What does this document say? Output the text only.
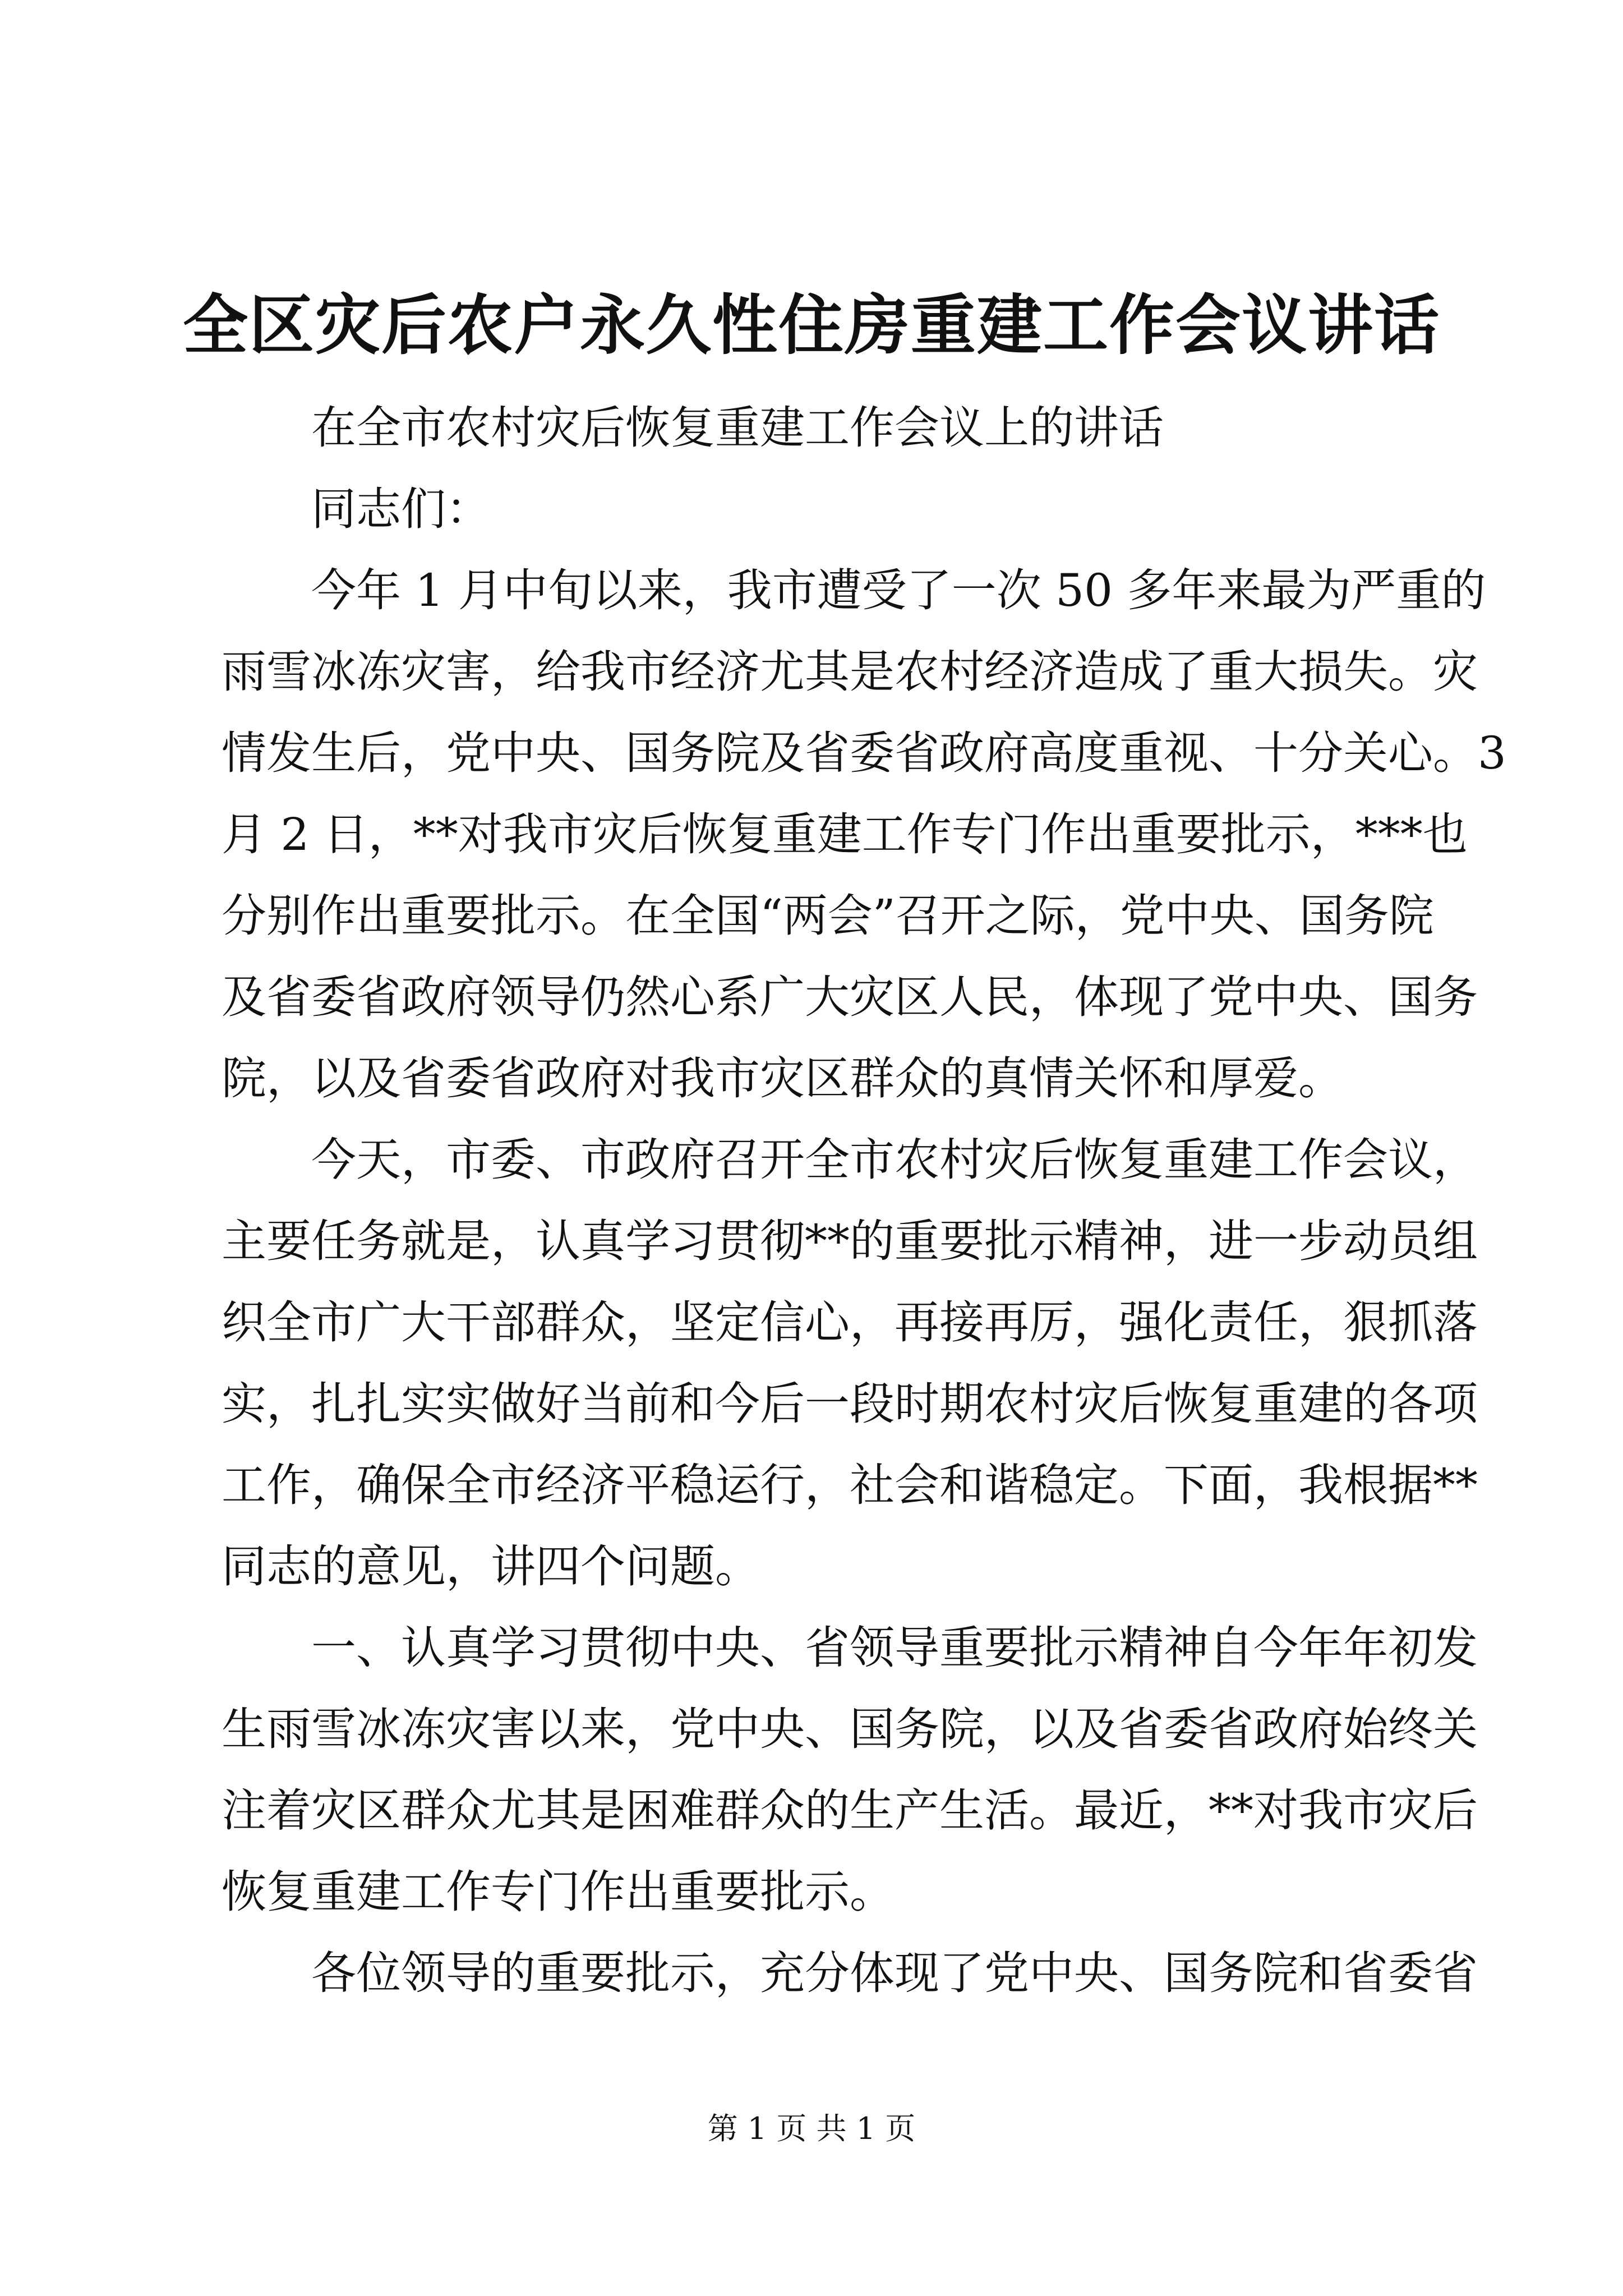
全区灾后农户永久性住房重建工作会议讲话
在全市农村灾后恢复重建工作会议上的讲话
同志们：
今年 1 月中旬以来，我市遭受了一次 50 多年来最为严重的
雨雪冰冻灾害，给我市经济尤其是农村经济造成了重大损失。灾
情发生后，党中央、国务院及省委省政府高度重视、十分关心。3
月 2 日，**对我市灾后恢复重建工作专门作出重要批示，***也
分别作出重要批示。在全国“两会”召开之际，党中央、国务院
及省委省政府领导仍然心系广大灾区人民，体现了党中央、国务
院，以及省委省政府对我市灾区群众的真情关怀和厚爱。
今天，市委、市政府召开全市农村灾后恢复重建工作会议，
主要任务就是，认真学习贯彻**的重要批示精神，进一步动员组
织全市广大干部群众，坚定信心，再接再厉，强化责任，狠抓落
实，扎扎实实做好当前和今后一段时期农村灾后恢复重建的各项
工作，确保全市经济平稳运行，社会和谐稳定。下面，我根据**
同志的意见，讲四个问题。
一、认真学习贯彻中央、省领导重要批示精神自今年年初发
生雨雪冰冻灾害以来，党中央、国务院，以及省委省政府始终关
注着灾区群众尤其是困难群众的生产生活。最近，**对我市灾后
恢复重建工作专门作出重要批示。
各位领导的重要批示，充分体现了党中央、国务院和省委省
第 1 页 共 1 页
